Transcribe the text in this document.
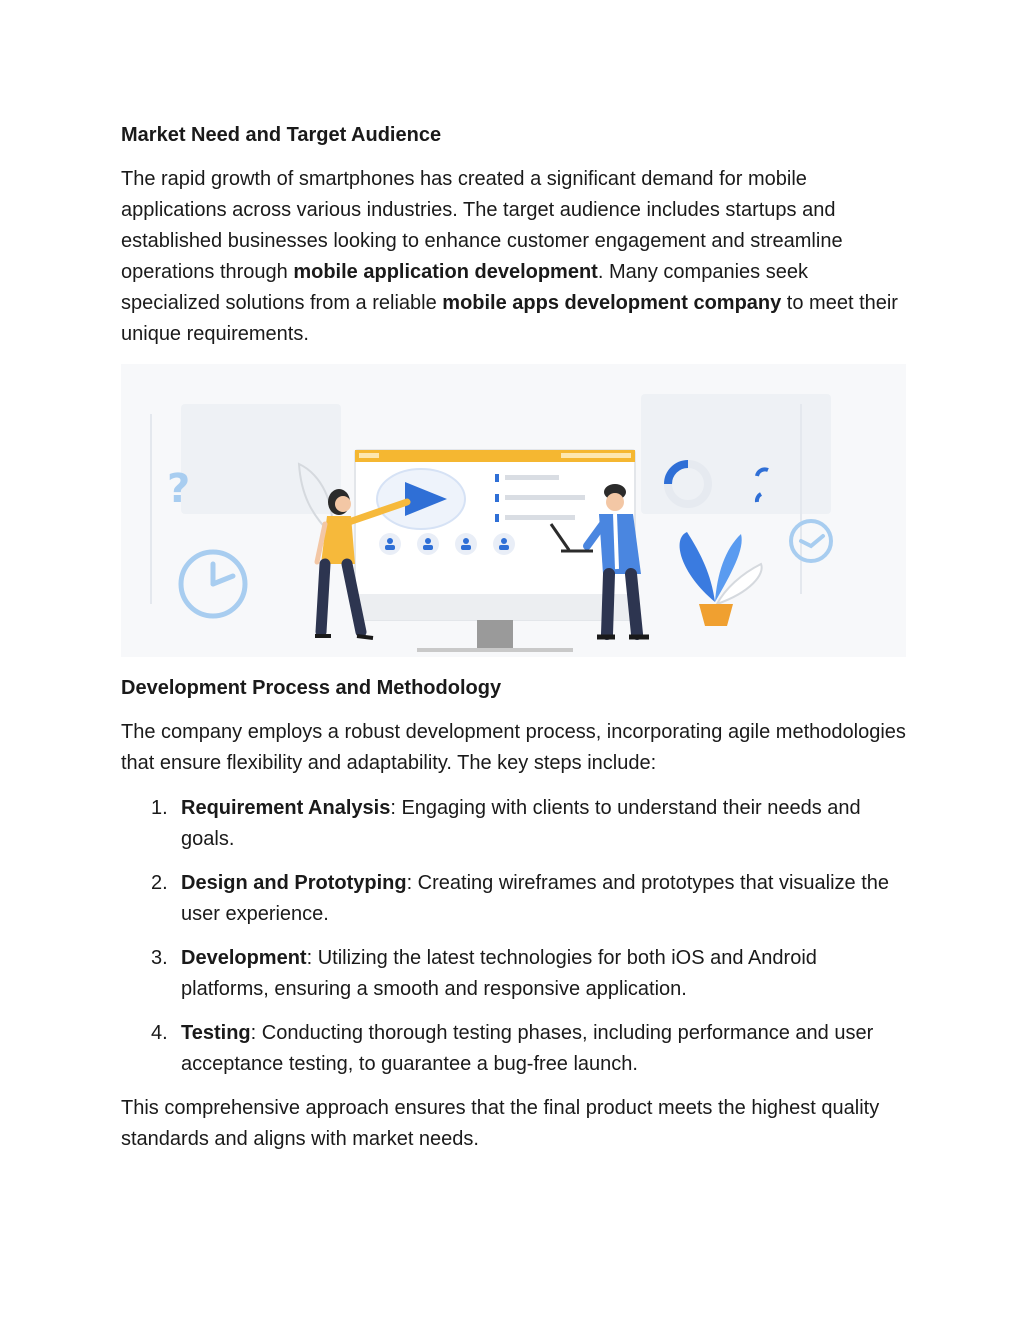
Market Need and Target Audience

The rapid growth of smartphones has created a significant demand for mobile applications across various industries. The target audience includes startups and established businesses looking to enhance customer engagement and streamline operations through mobile application development. Many companies seek specialized solutions from a reliable mobile apps development company to meet their unique requirements.

?
Development Process and Methodology

The company employs a robust development process, incorporating agile methodologies that ensure flexibility and adaptability. The key steps include:

1. Requirement Analysis: Engaging with clients to understand their needs and goals.
2. Design and Prototyping: Creating wireframes and prototypes that visualize the user experience.
3. Development: Utilizing the latest technologies for both iOS and Android platforms, ensuring a smooth and responsive application.
4. Testing: Conducting thorough testing phases, including performance and user acceptance testing, to guarantee a bug-free launch.

This comprehensive approach ensures that the final product meets the highest quality standards and aligns with market needs.
